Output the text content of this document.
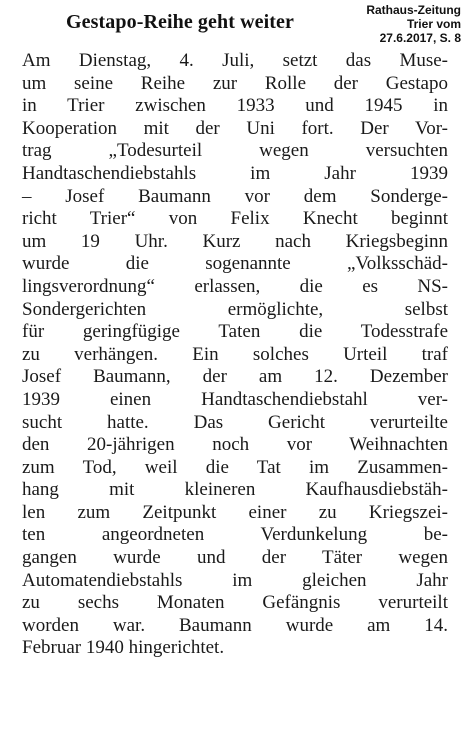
Rathaus-Zeitung
Trier vom
27.6.2017, S. 8
Gestapo-Reihe geht weiter
Am Dienstag, 4. Juli, setzt das Muse-
um seine Reihe zur Rolle der Gestapo
in Trier zwischen 1933 und 1945 in
Kooperation mit der Uni fort. Der Vor-
trag „Todesurteil wegen versuchten
Handtaschendiebstahls im Jahr 1939
– Josef Baumann vor dem Sonderge-
richt Trier“ von Felix Knecht beginnt
um 19 Uhr. Kurz nach Kriegsbeginn
wurde die sogenannte „Volksschäd-
lingsverordnung“ erlassen, die es NS-
Sondergerichten ermöglichte, selbst
für geringfügige Taten die Todesstrafe
zu verhängen. Ein solches Urteil traf
Josef Baumann, der am 12. Dezember
1939 einen Handtaschendiebstahl ver-
sucht hatte. Das Gericht verurteilte
den 20-jährigen noch vor Weihnachten
zum Tod, weil die Tat im Zusammen-
hang mit kleineren Kaufhausdiebstäh-
len zum Zeitpunkt einer zu Kriegszei-
ten angeordneten Verdunkelung be-
gangen wurde und der Täter wegen
Automatendiebstahls im gleichen Jahr
zu sechs Monaten Gefängnis verurteilt
worden war. Baumann wurde am 14.
Februar 1940 hingerichtet.
